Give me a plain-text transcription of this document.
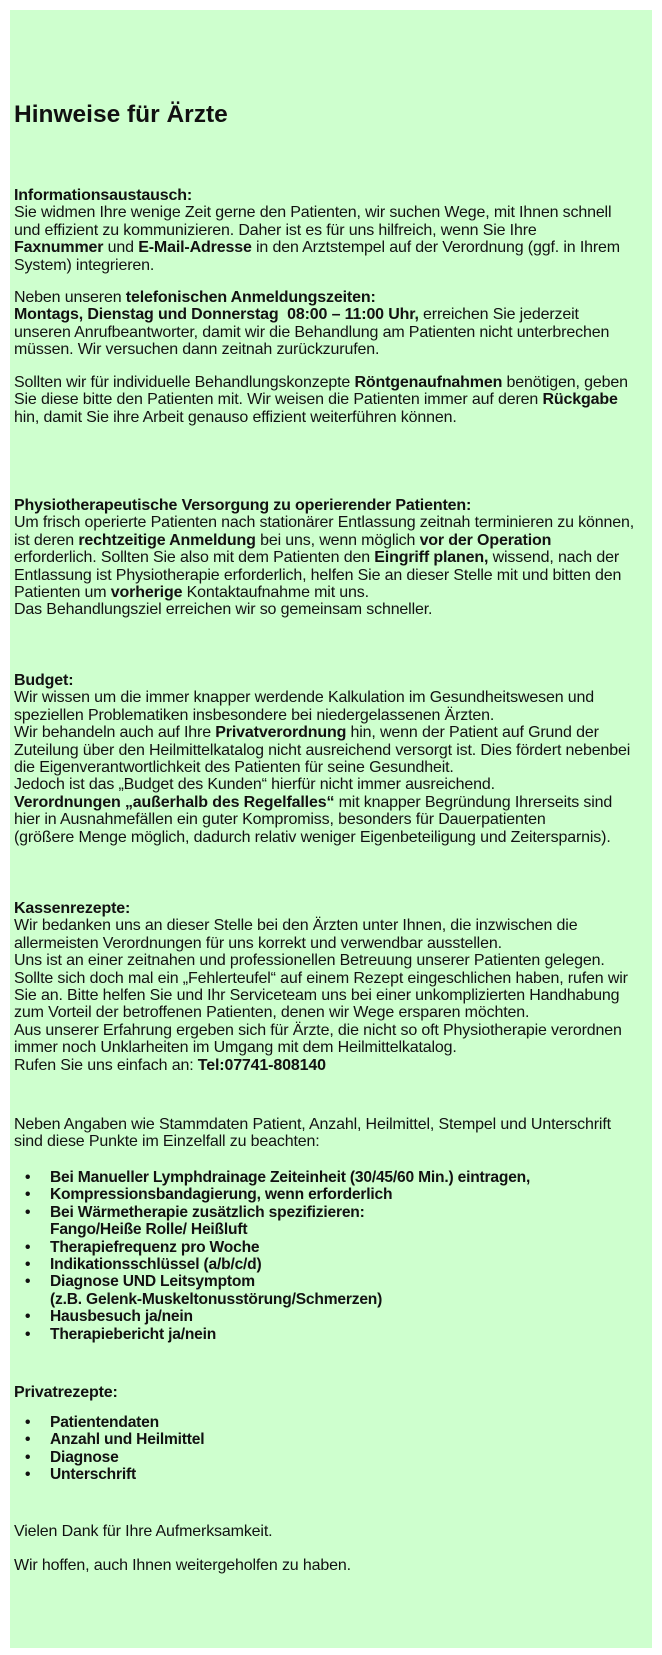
Hinweise für Ärzte
Informationsaustausch:
Sie widmen Ihre wenige Zeit gerne den Patienten, wir suchen Wege, mit Ihnen schnell
und effizient zu kommunizieren. Daher ist es für uns hilfreich, wenn Sie Ihre
Faxnummer und E-Mail-Adresse in den Arztstempel auf der Verordnung (ggf. in Ihrem
System) integrieren.
Neben unseren telefonischen Anmeldungszeiten:
Montags, Dienstag und Donnerstag  08:00 – 11:00 Uhr, erreichen Sie jederzeit
unseren Anrufbeantworter, damit wir die Behandlung am Patienten nicht unterbrechen
müssen. Wir versuchen dann zeitnah zurückzurufen.
Sollten wir für individuelle Behandlungskonzepte Röntgenaufnahmen benötigen, geben
Sie diese bitte den Patienten mit. Wir weisen die Patienten immer auf deren Rückgabe
hin, damit Sie ihre Arbeit genauso effizient weiterführen können.
Physiotherapeutische Versorgung zu operierender Patienten:
Um frisch operierte Patienten nach stationärer Entlassung zeitnah terminieren zu können,
ist deren rechtzeitige Anmeldung bei uns, wenn möglich vor der Operation
erforderlich. Sollten Sie also mit dem Patienten den Eingriff planen, wissend, nach der
Entlassung ist Physiotherapie erforderlich, helfen Sie an dieser Stelle mit und bitten den
Patienten um vorherige Kontaktaufnahme mit uns.
Das Behandlungsziel erreichen wir so gemeinsam schneller.
Budget:
Wir wissen um die immer knapper werdende Kalkulation im Gesundheitswesen und
speziellen Problematiken insbesondere bei niedergelassenen Ärzten.
Wir behandeln auch auf Ihre Privatverordnung hin, wenn der Patient auf Grund der
Zuteilung über den Heilmittelkatalog nicht ausreichend versorgt ist. Dies fördert nebenbei
die Eigenverantwortlichkeit des Patienten für seine Gesundheit.
Jedoch ist das „Budget des Kunden“ hierfür nicht immer ausreichend.
Verordnungen „außerhalb des Regelfalles“ mit knapper Begründung Ihrerseits sind
hier in Ausnahmefällen ein guter Kompromiss, besonders für Dauerpatienten
(größere Menge möglich, dadurch relativ weniger Eigenbeteiligung und Zeitersparnis).
Kassenrezepte:
Wir bedanken uns an dieser Stelle bei den Ärzten unter Ihnen, die inzwischen die
allermeisten Verordnungen für uns korrekt und verwendbar ausstellen.
Uns ist an einer zeitnahen und professionellen Betreuung unserer Patienten gelegen.
Sollte sich doch mal ein „Fehlerteufel“ auf einem Rezept eingeschlichen haben, rufen wir
Sie an. Bitte helfen Sie und Ihr Serviceteam uns bei einer unkomplizierten Handhabung
zum Vorteil der betroffenen Patienten, denen wir Wege ersparen möchten.
Aus unserer Erfahrung ergeben sich für Ärzte, die nicht so oft Physiotherapie verordnen
immer noch Unklarheiten im Umgang mit dem Heilmittelkatalog.
Rufen Sie uns einfach an: Tel:07741-808140
Neben Angaben wie Stammdaten Patient, Anzahl, Heilmittel, Stempel und Unterschrift
sind diese Punkte im Einzelfall zu beachten:
• Bei Manueller Lymphdrainage Zeiteinheit (30/45/60 Min.) eintragen,
• Kompressionsbandagierung, wenn erforderlich
• Bei Wärmetherapie zusätzlich spezifizieren:
Fango/Heiße Rolle/ Heißluft
• Therapiefrequenz pro Woche
• Indikationsschlüssel (a/b/c/d)
• Diagnose UND Leitsymptom
(z.B. Gelenk-Muskeltonusstörung/Schmerzen)
• Hausbesuch ja/nein
• Therapiebericht ja/nein
Privatrezepte:
• Patientendaten
• Anzahl und Heilmittel
• Diagnose
• Unterschrift
Vielen Dank für Ihre Aufmerksamkeit.
Wir hoffen, auch Ihnen weitergeholfen zu haben.
